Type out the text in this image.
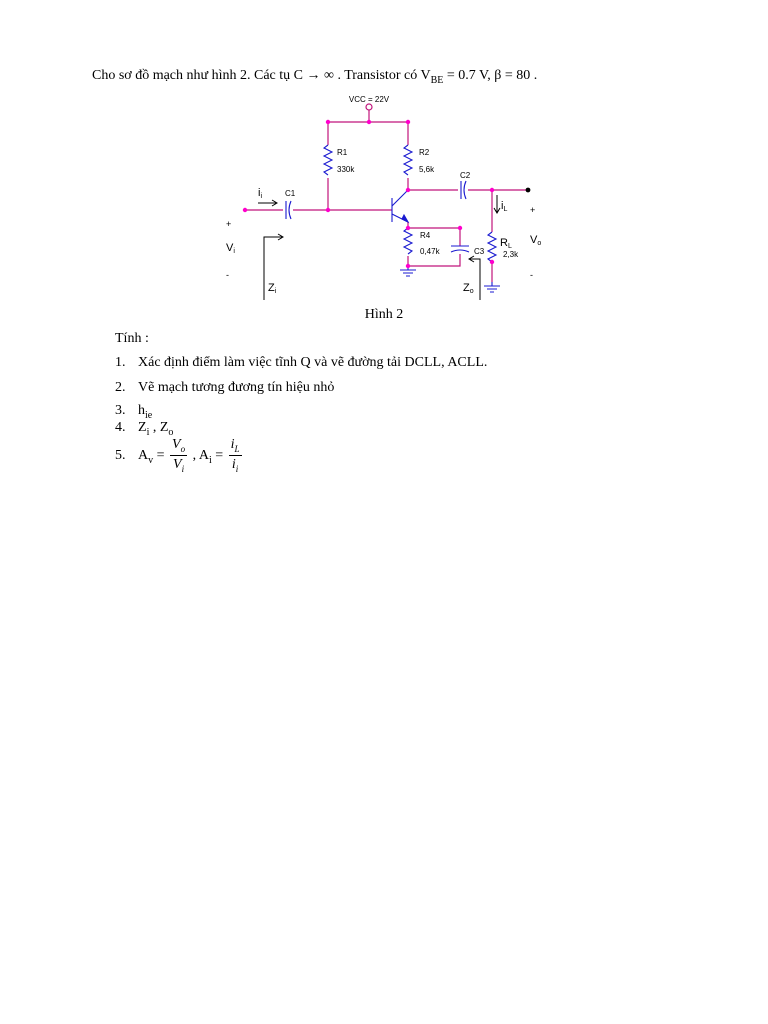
Cho sơ đồ mạch như hình 2. Các tụ C → ∞ . Transistor có $V_{BE} = 0.7$ V, β = 80 .
VCC = 22V
R1
330k
R2
5,6k
R4
0,47k
C1
C2
C3 2,3k
RL
ii
iL
Vi
Vo
Zi	Zo
+
-
+
-
Hình 2
Tính :
1. Xác định điểm làm việc tĩnh Q và vẽ đường tải DCLL, ACLL.
2. Vẽ mạch tương đương tín hiệu nhỏ
3. $h_{ie}$
4. $Z_i$ , $Z_o$
5. $A_v = \frac{V_o}{V_i}$ , $A_i = \frac{i_L}{i_i}$
